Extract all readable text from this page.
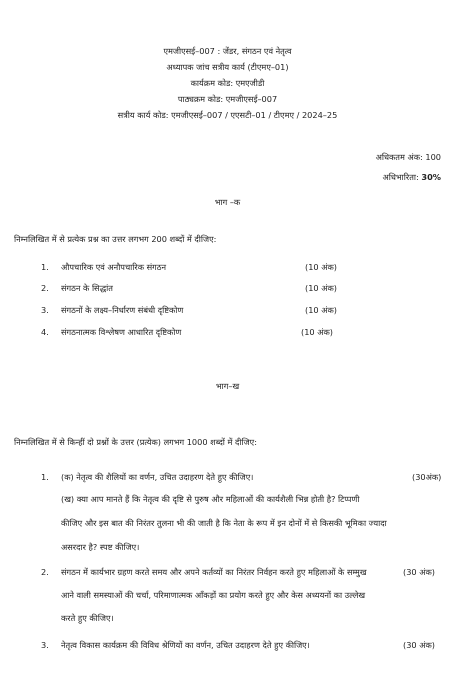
एमजीएसई–007 : जेंडर, संगठन एवं नेतृत्व
अध्यापक जांच सत्रीय कार्य (टीएमए–01)
कार्यक्रम कोड: एमएजीडी
पाठ्यक्रम कोड: एमजीएसई–007
सत्रीय कार्य कोड: एमजीएसई–007 / एएसटी–01 / टीएमए / 2024–25
अधिकतम अंक: 100
अधिभारिता: 30%
भाग –क
निम्नलिखित में से प्रत्येक प्रश्न का उत्तर लगभग 200 शब्दों में दीजिए:
1. औपचारिक एवं अनौपचारिक संगठन	(10 अंक)
2. संगठन के सिद्धांत	(10 अंक)
3. संगठनों के लक्ष्य–निर्धारण संबंधी दृष्टिकोण	(10 अंक)
4. संगठनात्मक विश्लेषण आधारित दृष्टिकोण	(10 अंक)
भाग–ख
निम्नलिखित में से किन्हीं दो प्रश्नों के उत्तर (प्रत्येक) लगभग 1000 शब्दों में दीजिए:
1. (क) नेतृत्व की शैलियों का वर्णन, उचित उदाहरण देते हुए कीजिए।	(30अंक)
(ख) क्या आप मानते हैं कि नेतृत्व की दृष्टि से पुरुष और महिलाओं की कार्यशैली भिन्न होती है? टिप्पणी
कीजिए और इस बात की निरंतर तुलना भी की जाती है कि नेता के रूप में इन दोनों में से किसकी भूमिका ज्यादा
असरदार है? स्पष्ट कीजिए।
2. संगठन में कार्यभार ग्रहण करते समय और अपने कर्तव्यों का निरंतर निर्वहन करते हुए महिलाओं के सम्मुख	(30 अंक)
आने वाली समस्याओं की चर्चा, परिमाणात्मक आँकड़ों का प्रयोग करते हुए और केस अध्ययनों का उल्लेख
करते हुए कीजिए।
3. नेतृत्व विकास कार्यक्रम की विविध श्रेणियों का वर्णन, उचित उदाहरण देते हुए कीजिए।	(30 अंक)
